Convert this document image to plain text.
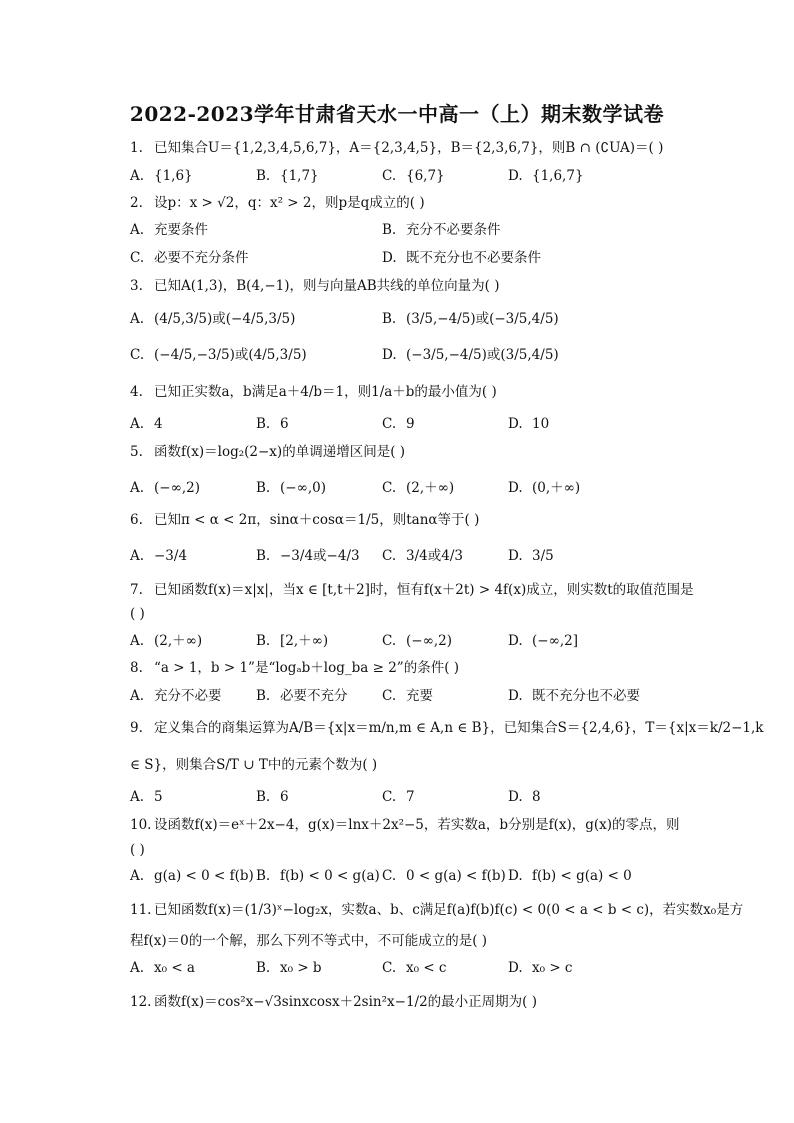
2022-2023学年甘肃省天水一中高一（上）期末数学试卷
1. 已知集合U＝{1,2,3,4,5,6,7}，A＝{2,3,4,5}，B＝{2,3,6,7}，则B ∩ (∁UA)＝( )
A. {1,6}	B. {1,7}	C. {6,7}	D. {1,6,7}
2. 设p：x > √2，q：x² > 2，则p是q成立的( )
A. 充要条件	B. 充分不必要条件
C. 必要不充分条件	D. 既不充分也不必要条件
3. 已知A(1,3)，B(4,−1)，则与向量AB共线的单位向量为( )
A. (4/5,3/5)或(−4/5,3/5)	B. (3/5,−4/5)或(−3/5,4/5)
C. (−4/5,−3/5)或(4/5,3/5)	D. (−3/5,−4/5)或(3/5,4/5)
4. 已知正实数a，b满足a＋4/b＝1，则1/a＋b的最小值为( )
A. 4	B. 6	C. 9	D. 10
5. 函数f(x)＝log₂(2−x)的单调递增区间是( )
A. (−∞,2)	B. (−∞,0)	C. (2,＋∞)	D. (0,＋∞)
6. 已知π < α < 2π，sinα＋cosα＝1/5，则tanα等于( )
A. −3/4	B. −3/4或−4/3 C. 3/4或4/3	D. 3/5
7. 已知函数f(x)＝x|x|，当x ∈ [t,t＋2]时，恒有f(x＋2t) > 4f(x)成立，则实数t的取值范围是
( )
A. (2,＋∞)	B. [2,＋∞)	C. (−∞,2)	D. (−∞,2]
8. “a > 1，b > 1”是“logₐb＋log_ba ≥ 2”的条件( )
A. 充分不必要	B. 必要不充分	C. 充要	D. 既不充分也不必要
9. 定义集合的商集运算为A/B＝{x|x＝m/n,m ∈ A,n ∈ B}，已知集合S＝{2,4,6}，T＝{x|x＝k/2−1,k
∈ S}，则集合S/T ∪ T中的元素个数为( )
A. 5	B. 6	C. 7	D. 8
10. 设函数f(x)＝eˣ＋2x−4，g(x)＝lnx＋2x²−5，若实数a，b分别是f(x)，g(x)的零点，则
( )
A. g(a) < 0 < f(b) B. f(b) < 0 < g(a) C. 0 < g(a) < f(b) D. f(b) < g(a) < 0
11. 已知函数f(x)＝(1/3)ˣ−log₂x，实数a、b、c满足f(a)f(b)f(c) < 0(0 < a < b < c)，若实数x₀是方
程f(x)＝0的一个解，那么下列不等式中，不可能成立的是( )
A. x₀ < a	B. x₀ > b	C. x₀ < c	D. x₀ > c
12. 函数f(x)＝cos²x−√3sinxcosx＋2sin²x−1/2的最小正周期为( )
